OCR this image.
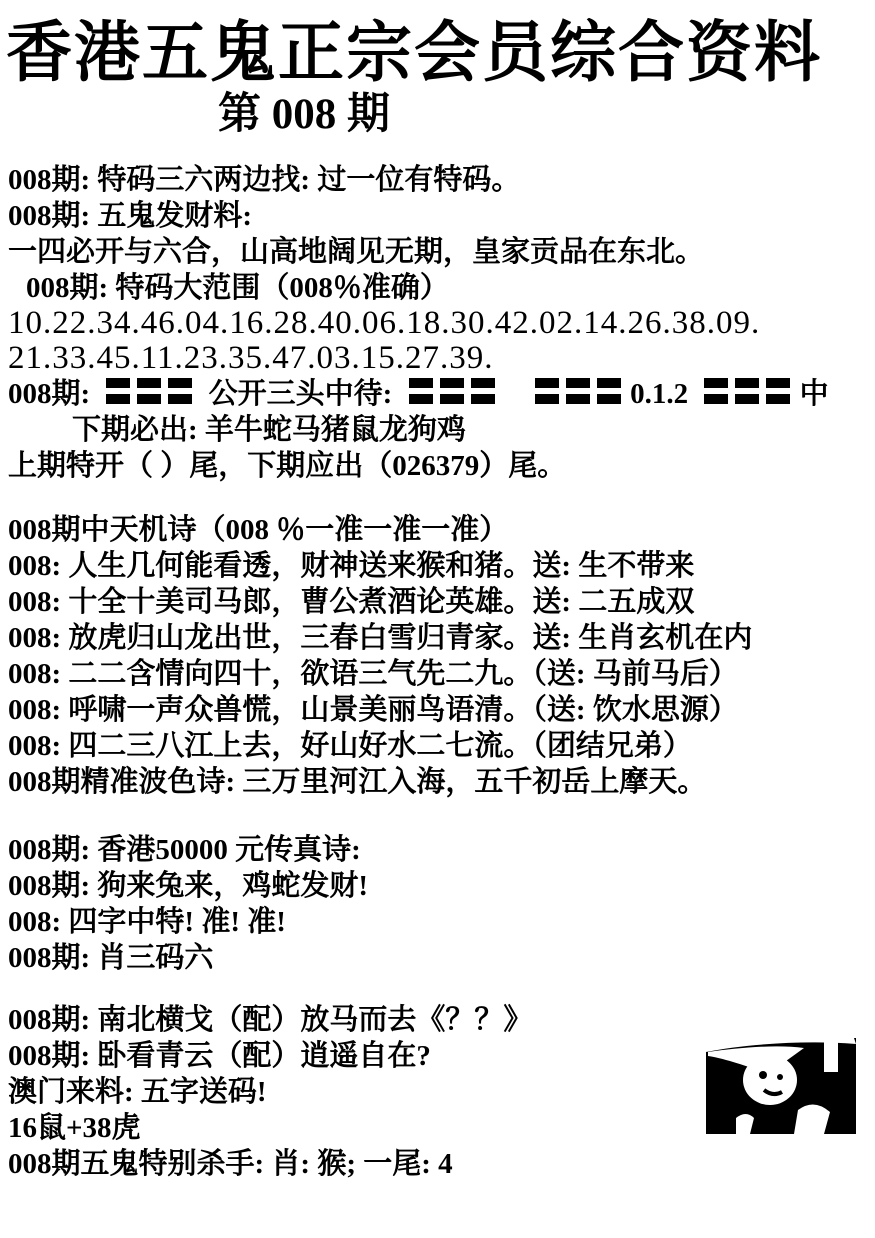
香港五鬼正宗会员综合资料
第 008 期
008期: 特码三六两边找: 过一位有特码。
008期: 五鬼发财料:
一四必开与六合，山高地阔见无期，皇家贡品在东北。
008期: 特码大范围（008％准确）
10.22.34.46.04.16.28.40.06.18.30.42.02.14.26.38.09.
21.33.45.11.23.35.47.03.15.27.39.
008期:	公开三头中待:
	0.1.2	中
下期必出: 羊牛蛇马猪鼠龙狗鸡
上期特开（ ）尾，下期应出（026379）尾。
008期中天机诗（008 ％一准一准一准）
008: 人生几何能看透，财神送来猴和猪。送: 生不带来
008: 十全十美司马郎，曹公煮酒论英雄。送: 二五成双
008: 放虎归山龙出世，三春白雪归青家。送: 生肖玄机在内
008: 二二含情向四十，欲语三气先二九。（送: 马前马后）
008: 呼啸一声众兽慌，山景美丽鸟语清。（送: 饮水思源）
008: 四二三八江上去，好山好水二七流。（团结兄弟）
008期精准波色诗: 三万里河江入海，五千初岳上摩天。
008期: 香港50000 元传真诗:
008期: 狗来兔来，鸡蛇发财!
008: 四字中特! 准! 准!
008期: 肖三码六
008期: 南北横戈（配）放马而去《？？》
008期: 卧看青云（配）逍遥自在?
澳门来料: 五字送码!
16鼠+38虎
008期五鬼特别杀手: 肖: 猴; 一尾: 4
